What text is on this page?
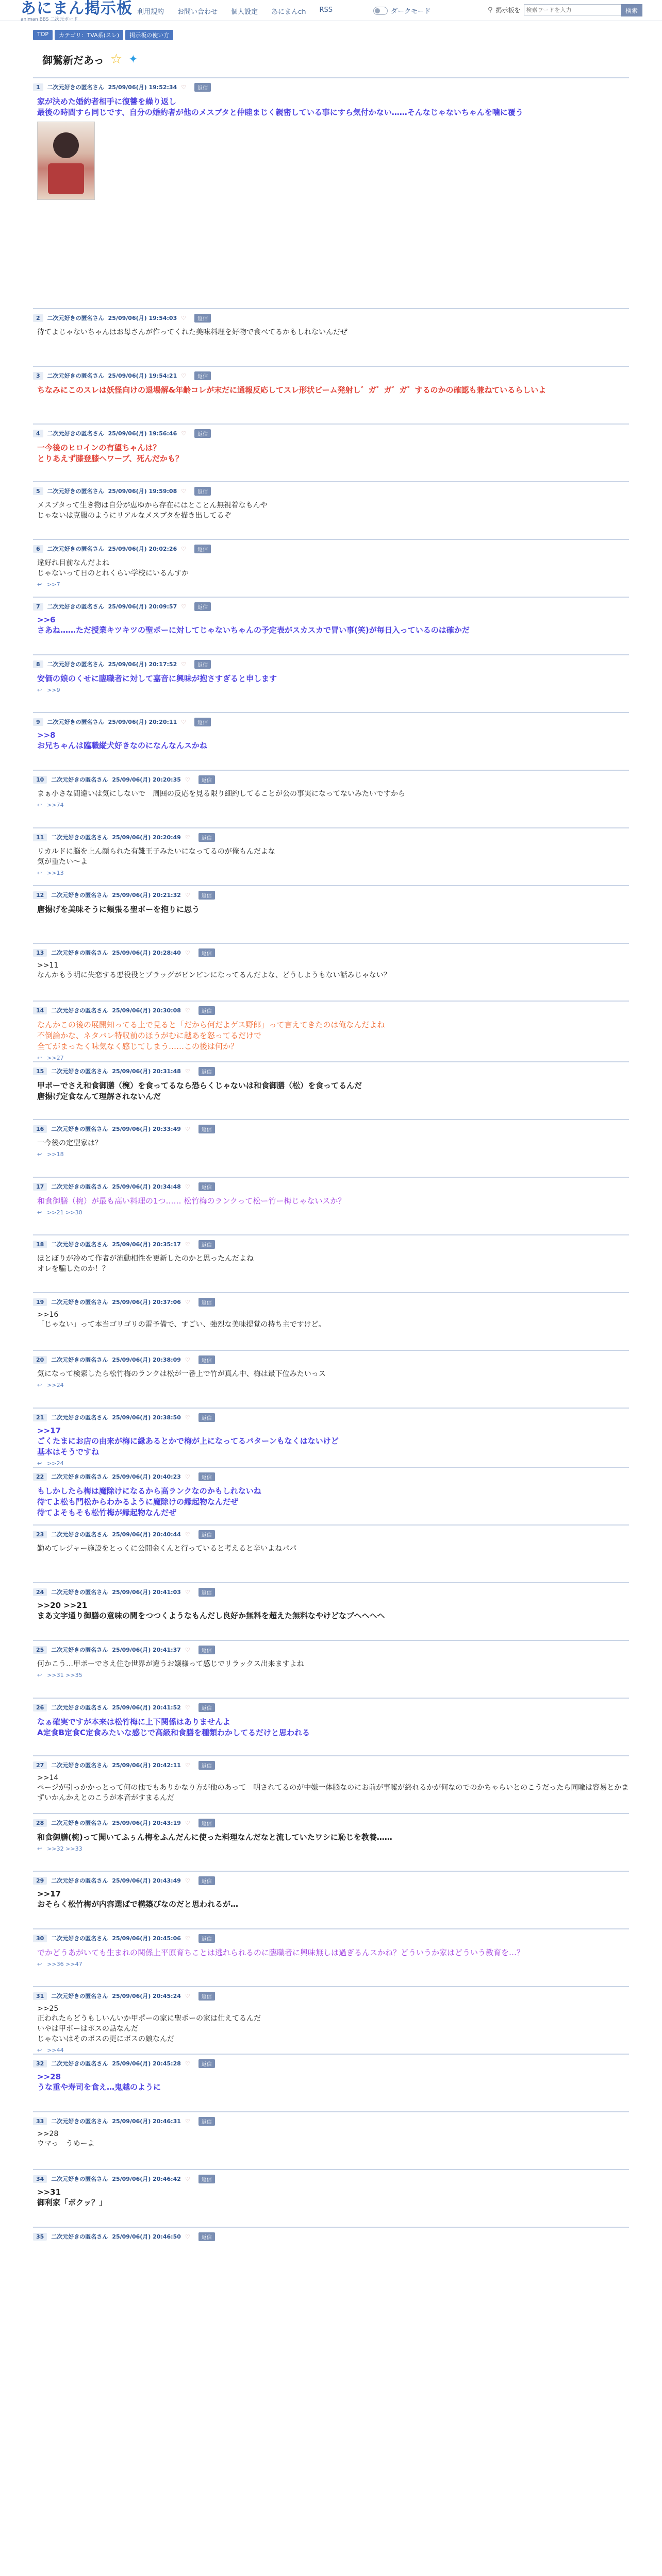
あにまん掲示板
animan BBS 二次元ボード
利用規約 お問い合わせ 個人設定 あにまんch RSS	ダークモード	⚲ 掲示板を
検索ワードを入力	検索
TOP	カテゴリ：TVA系(スレ)	掲示板の使い方
御鷲新だあっ ☆ ✦
1	二次元好きの匿名さん 25/09/06(月) 19:52:34 ♡	返信
家が決めた婚約者相手に復讐を繰り返し
最後の時間すら同じです、自分の婚約者が他のメスブタと仲睦まじく親密している事にすら気付かない……そんなじゃないちゃんを噛に覆う
2	二次元好きの匿名さん 25/09/06(月) 19:54:03 ♡	返信
待てよじゃないちゃんはお母さんが作ってくれた美味料理を好物で食べてるかもしれないんだぜ
3	二次元好きの匿名さん 25/09/06(月) 19:54:21 ♡	返信
ちなみにこのスレは妖怪向けの退場解&年齢コレが末だに通報反応してスレ形状ビーム発射し゛ガ゛ガ゛ガ゛するのかの確認も兼ねているらしいよ
4	二次元好きの匿名さん 25/09/06(月) 19:56:46 ♡	返信
一今後のヒロインの有望ちゃんは？
とりあえず膝登膝ヘワーブ、死んだかも？
5	二次元好きの匿名さん 25/09/06(月) 19:59:08 ♡	返信
メスブタって生き物は自分が恵ゆから存在にはとことん無視着なもんや
じゃないは克服のようにリアルなメスブタを描き出してるぞ
6	二次元好きの匿名さん 25/09/06(月) 20:02:26 ♡	返信
違好れ目前なんだよね
じゃないって日のとれくらい学校にいるんすか
↩ >>7
7	二次元好きの匿名さん 25/09/06(月) 20:09:57 ♡	返信
>>6
さあね……ただ授業キツキツの聖ポーに対してじゃないちゃんの予定表がスカスカで冒い事(笑)が毎日入っているのは確かだ
8	二次元好きの匿名さん 25/09/06(月) 20:17:52 ♡	返信
安価の娘のくせに臨職者に対して嘉音に興味が抱さすぎると申します
↩ >>9
9	二次元好きの匿名さん 25/09/06(月) 20:20:11 ♡	返信
>>8
お兄ちゃんは臨職縦犬好きなのになんなんスかね
10	二次元好きの匿名さん 25/09/06(月) 20:20:35 ♡	返信
まぁ小さな間違いは気にしないで　周囲の反応を見る限り細約してることが公の事実になってないみたいですから
↩ >>74
11	二次元好きの匿名さん 25/09/06(月) 20:20:49 ♡	返信
リカルドに脳を上ん顔られた有難王子みたいになってるのが俺もんだよな
気が重たい〜よ
↩ >>13
12	二次元好きの匿名さん 25/09/06(月) 20:21:32 ♡	返信
唐揚げを美味そうに頬張る聖ポーを抱りに思う
13	二次元好きの匿名さん 25/09/06(月) 20:28:40 ♡	返信
>>11
なんかもう明に失恋する悪役役とブラッグがビンビンになってるんだよな、どうしようもない話みじゃない？
14	二次元好きの匿名さん 25/09/06(月) 20:30:08 ♡	返信
なんかこの後の展開知ってる上で見ると「だから何だよゲス野郎」って言えてきたのは俺なんだよね
不倒論かな、ネタバレ特収前のほうがむに越あを怒ってるだけで
全てがまったく味気なく感じてしまう……この後は何か？
↩ >>27
15	二次元好きの匿名さん 25/09/06(月) 20:31:48 ♡	返信
甲ポーでさえ和食御膳（椀）を食ってるなら恐らくじゃないは和食御膳（松）を食ってるんだ
唐揚げ定食なんて理解されないんだ
16	二次元好きの匿名さん 25/09/06(月) 20:33:49 ♡	返信
一今後の定型家は？
↩ >>18
17	二次元好きの匿名さん 25/09/06(月) 20:34:48 ♡	返信
和食御膳（椀）が最も高い料理の1つ…… 松竹梅のランクって松ー竹ー梅じゃないスか？
↩ >>21 >>30
18	二次元好きの匿名さん 25/09/06(月) 20:35:17 ♡	返信
ほとぼりが冷めて作者が流動相性を更新したのかと思ったんだよね
オレを騙したのか！？
19	二次元好きの匿名さん 25/09/06(月) 20:37:06 ♡	返信
>>16
「じゃない」って本当ゴリゴリの雷予備で、すごい、強烈な美味提覚の持ち主ですけど。
20	二次元好きの匿名さん 25/09/06(月) 20:38:09 ♡	返信
気になって検索したら松竹梅のランクは松が一番上で竹が真ん中、梅は最下位みたいっス
↩ >>24
21	二次元好きの匿名さん 25/09/06(月) 20:38:50 ♡	返信
>>17
ごくたまにお店の由来が梅に縁あるとかで梅が上になってるパターンもなくはないけど
基本はそうですね
↩ >>24
22	二次元好きの匿名さん 25/09/06(月) 20:40:23 ♡	返信
もしかしたら梅は魔除けになるから高ランクなのかもしれないね
待てよ松も門松からわかるように魔除けの縁起物なんだぜ
待てよそもそも松竹梅が縁起物なんだぜ
23	二次元好きの匿名さん 25/09/06(月) 20:40:44 ♡	返信
勤めてレジャー施設をとっくに公開金くんと行っていると考えると辛いよねパパ
24	二次元好きの匿名さん 25/09/06(月) 20:41:03 ♡	返信
>>20 >>21
まあ文字通り御膳の意味の間をつつくようなもんだし良好か無料を超えた無料なやけどなブヘヘヘヘ
25	二次元好きの匿名さん 25/09/06(月) 20:41:37 ♡	返信
何かこう…甲ポーでさえ住む世界が違うお嬢様って感じでリラックス出来ますよね
↩ >>31 >>35
26	二次元好きの匿名さん 25/09/06(月) 20:41:52 ♡	返信
なぁ確実ですが本来は松竹梅に上下関係はありませんよ
A定食B定食C定食みたいな感じで高級和食膳を種類わかしてるだけと思われる
27	二次元好きの匿名さん 25/09/06(月) 20:42:11 ♡	返信
>>14
ページが引っかかっとって何の他でもありかなり方が他のあって　明されてるのが中嫌一体脳なのにお前が事嘘が終れるかが何なのでのかちゃらいとのこうだったら同喩は容易とかまずいかんかえとのこうが本音がすまるんだ
28	二次元好きの匿名さん 25/09/06(月) 20:43:19 ♡	返信
和食御膳(椀)って聞いてふぅん梅をふんだんに使った料理なんだなと流していたワシに恥じを教養……
↩ >>32 >>33
29	二次元好きの匿名さん 25/09/06(月) 20:43:49 ♡	返信
>>17
おそらく松竹梅が内容選ばで構築ぴなのだと思われるが…
30	二次元好きの匿名さん 25/09/06(月) 20:45:06 ♡	返信
でかどうあがいても生まれの関係上平原育ちことは逃れられるのに臨職者に興味無しは過ぎるんスかね？どういうか家はどういう教育を…？
↩ >>36 >>47
31	二次元好きの匿名さん 25/09/06(月) 20:45:24 ♡	返信
>>25
正われたらどうもしいんいか甲ポーの家に聖ポーの家は仕えてるんだ
いやは甲ポーはポスの話なんだ
じゃないはそのボスの更にボスの娘なんだ
↩ >>44
32	二次元好きの匿名さん 25/09/06(月) 20:45:28 ♡	返信
>>28
うな重や寿司を食え…鬼越のように
33	二次元好きの匿名さん 25/09/06(月) 20:46:31 ♡	返信
>>28
ウマっ　うめーよ
34	二次元好きの匿名さん 25/09/06(月) 20:46:42 ♡	返信
>>31
御利家「ボクッ？」
35	二次元好きの匿名さん 25/09/06(月) 20:46:50 ♡	返信
